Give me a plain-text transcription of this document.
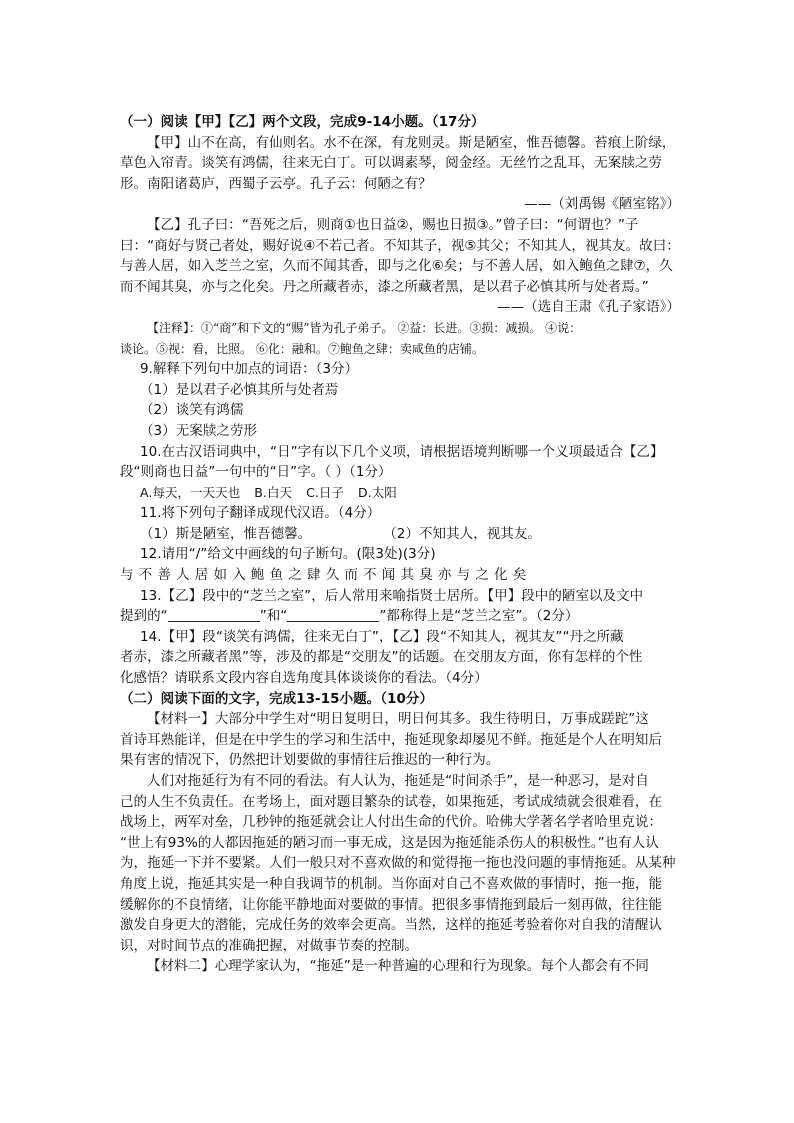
（一）阅读【甲】【乙】两个文段，完成9-14小题。（17分）
【甲】山不在高，有仙则名。水不在深，有龙则灵。斯是陋室，惟吾德馨。苔痕上阶绿，
草色入帘青。谈笑有鸿儒，往来无白丁。可以调素琴，阅金经。无丝竹之乱耳，无案牍之劳
形。南阳诸葛庐，西蜀子云亭。孔子云：何陋之有？
——（刘禹锡《陋室铭》）
【乙】孔子曰：“吾死之后，则商①也日益②，赐也日损③。”曾子曰：“何谓也？”子
曰：“商好与贤己者处，赐好说④不若己者。不知其子，视⑤其父；不知其人，视其友。故曰：
与善人居，如入芝兰之室，久而不闻其香，即与之化⑥矣；与不善人居，如入鲍鱼之肆⑦，久
而不闻其臭，亦与之化矣。丹之所藏者赤，漆之所藏者黑，是以君子必慎其所与处者焉。”
——（选自王肃《孔子家语》）
【注释】：①“商”和下文的“赐”皆为孔子弟子。 ②益：长进。③损：减损。 ④说：
谈论。⑤视：看，比照。 ⑥化：融和。⑦鲍鱼之肆：卖咸鱼的店铺。
9.解释下列句中加点的词语：（3分）
（1）是以君子必慎其所与处者焉
（2）谈笑有鸿儒
（3）无案牍之劳形
10.在古汉语词典中，“日”字有以下几个义项，请根据语境判断哪一个义项最适合【乙】
段“则商也日益”一句中的“日”字。（ ）（1分）
A.每天，一天天也 B.白天 C.日子 D.太阳
11.将下列句子翻译成现代汉语。（4分）
（1）斯是陋室，惟吾德馨。	（2）不知其人，视其友。
12.请用“/”给文中画线的句子断句。(限3处)(3分)
与不善人居如入鲍鱼之肆久而不闻其臭亦与之化矣
13.【乙】段中的“芝兰之室”，后人常用来喻指贤士居所。【甲】段中的陋室以及文中
提到的“	”和“	”都称得上是“芝兰之室”。（2分）
14.【甲】段“谈笑有鸿儒，往来无白丁”，【乙】段“不知其人，视其友”“丹之所藏
者赤，漆之所藏者黑”等，涉及的都是“交朋友”的话题。在交朋友方面，你有怎样的个性
化感悟？请联系文段内容自选角度具体谈谈你的看法。（4分）
（二）阅读下面的文字，完成13-15小题。（10分）
【材料一】大部分中学生对“明日复明日，明日何其多。我生待明日，万事成蹉跎”这
首诗耳熟能详，但是在中学生的学习和生活中，拖延现象却屡见不鲜。拖延是个人在明知后
果有害的情况下，仍然把计划要做的事情往后推迟的一种行为。
人们对拖延行为有不同的看法。有人认为，拖延是“时间杀手”，是一种恶习，是对自
己的人生不负责任。在考场上，面对题目繁杂的试卷，如果拖延，考试成绩就会很难看，在
战场上，两军对垒，几秒钟的拖延就会让人付出生命的代价。哈佛大学著名学者哈里克说：
“世上有93%的人都因拖延的陋习而一事无成，这是因为拖延能杀伤人的积极性。”也有人认
为，拖延一下并不要紧。人们一般只对不喜欢做的和觉得拖一拖也没问题的事情拖延。从某种
角度上说，拖延其实是一种自我调节的机制。当你面对自己不喜欢做的事情时，拖一拖，能
缓解你的不良情绪，让你能平静地面对要做的事情。把很多事情拖到最后一刻再做，往往能
激发自身更大的潜能，完成任务的效率会更高。当然，这样的拖延考验着你对自我的清醒认
识，对时间节点的准确把握，对做事节奏的控制。
【材料二】心理学家认为，“拖延”是一种普遍的心理和行为现象。每个人都会有不同
